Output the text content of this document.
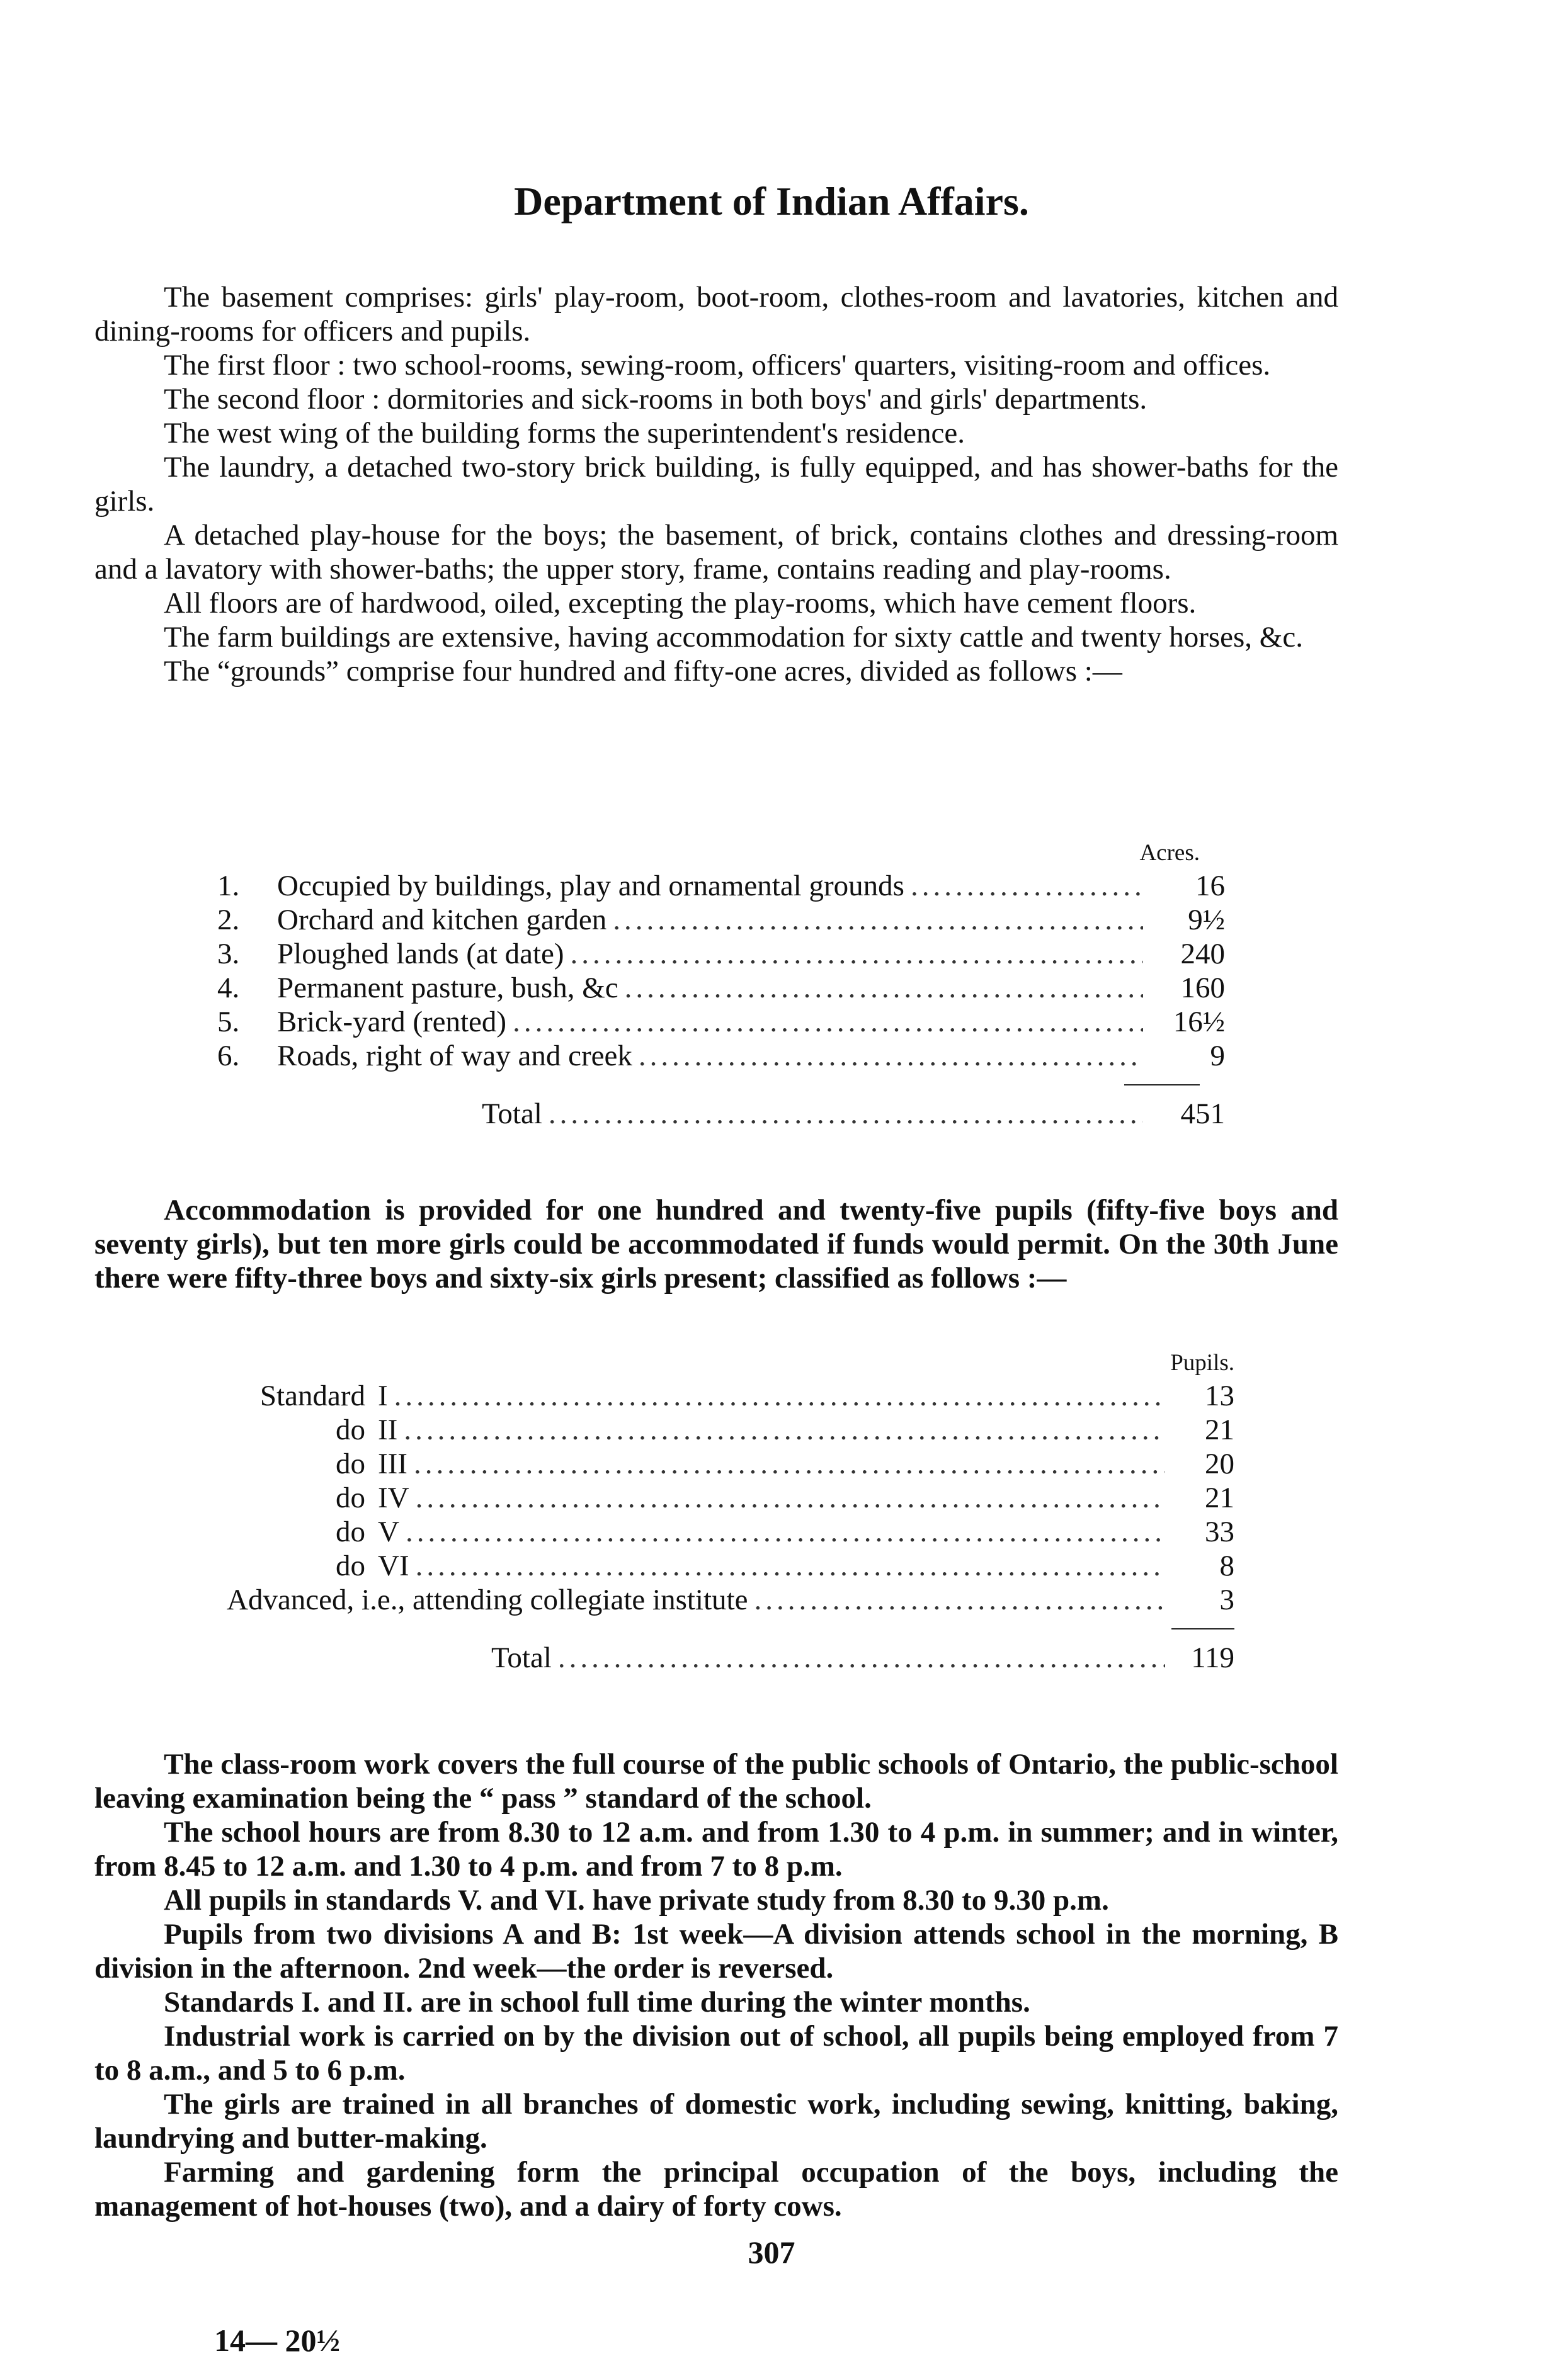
Department of Indian Affairs.

The basement comprises: girls' play-room, boot-room, clothes-room and lavatories, kitchen and dining-rooms for officers and pupils.

The first floor : two school-rooms, sewing-room, officers' quarters, visiting-room and offices.

The second floor : dormitories and sick-rooms in both boys' and girls' departments.

The west wing of the building forms the superintendent's residence.

The laundry, a detached two-story brick building, is fully equipped, and has shower-baths for the girls.

A detached play-house for the boys; the basement, of brick, contains clothes and dressing-room and a lavatory with shower-baths; the upper story, frame, contains reading and play-rooms.

All floors are of hardwood, oiled, excepting the play-rooms, which have cement floors.

The farm buildings are extensive, having accommodation for sixty cattle and twenty horses, &c.

The “grounds” comprise four hundred and fifty-one acres, divided as follows :—

Acres.
1.	Occupied by buildings, play and ornamental grounds .....	16
2.	Orchard and kitchen garden .....	9½
3.	Ploughed lands (at date) .....	240
4.	Permanent pasture, bush, &c .....	160
5.	Brick-yard (rented) .....	16½
6.	Roads, right of way and creek .....	9
Total .....	451

Accommodation is provided for one hundred and twenty-five pupils (fifty-five boys and seventy girls), but ten more girls could be accommodated if funds would permit. On the 30th June there were fifty-three boys and sixty-six girls present; classified as follows :—

Pupils.
Standard I .....	13
do II .....	21
do III .....	20
do IV .....	21
do V .....	33
do VI .....	8
Advanced, i.e., attending collegiate institute .....	3
Total .....	119

The class-room work covers the full course of the public schools of Ontario, the public-school leaving examination being the “ pass ” standard of the school.

The school hours are from 8.30 to 12 a.m. and from 1.30 to 4 p.m. in summer; and in winter, from 8.45 to 12 a.m. and 1.30 to 4 p.m. and from 7 to 8 p.m.

All pupils in standards V. and VI. have private study from 8.30 to 9.30 p.m.

Pupils from two divisions A and B: 1st week—A division attends school in the morning, B division in the afternoon. 2nd week—the order is reversed.

Standards I. and II. are in school full time during the winter months.

Industrial work is carried on by the division out of school, all pupils being employed from 7 to 8 a.m., and 5 to 6 p.m.

The girls are trained in all branches of domestic work, including sewing, knitting, baking, laundrying and butter-making.

Farming and gardening form the principal occupation of the boys, including the management of hot-houses (two), and a dairy of forty cows.

307
14— 20½
